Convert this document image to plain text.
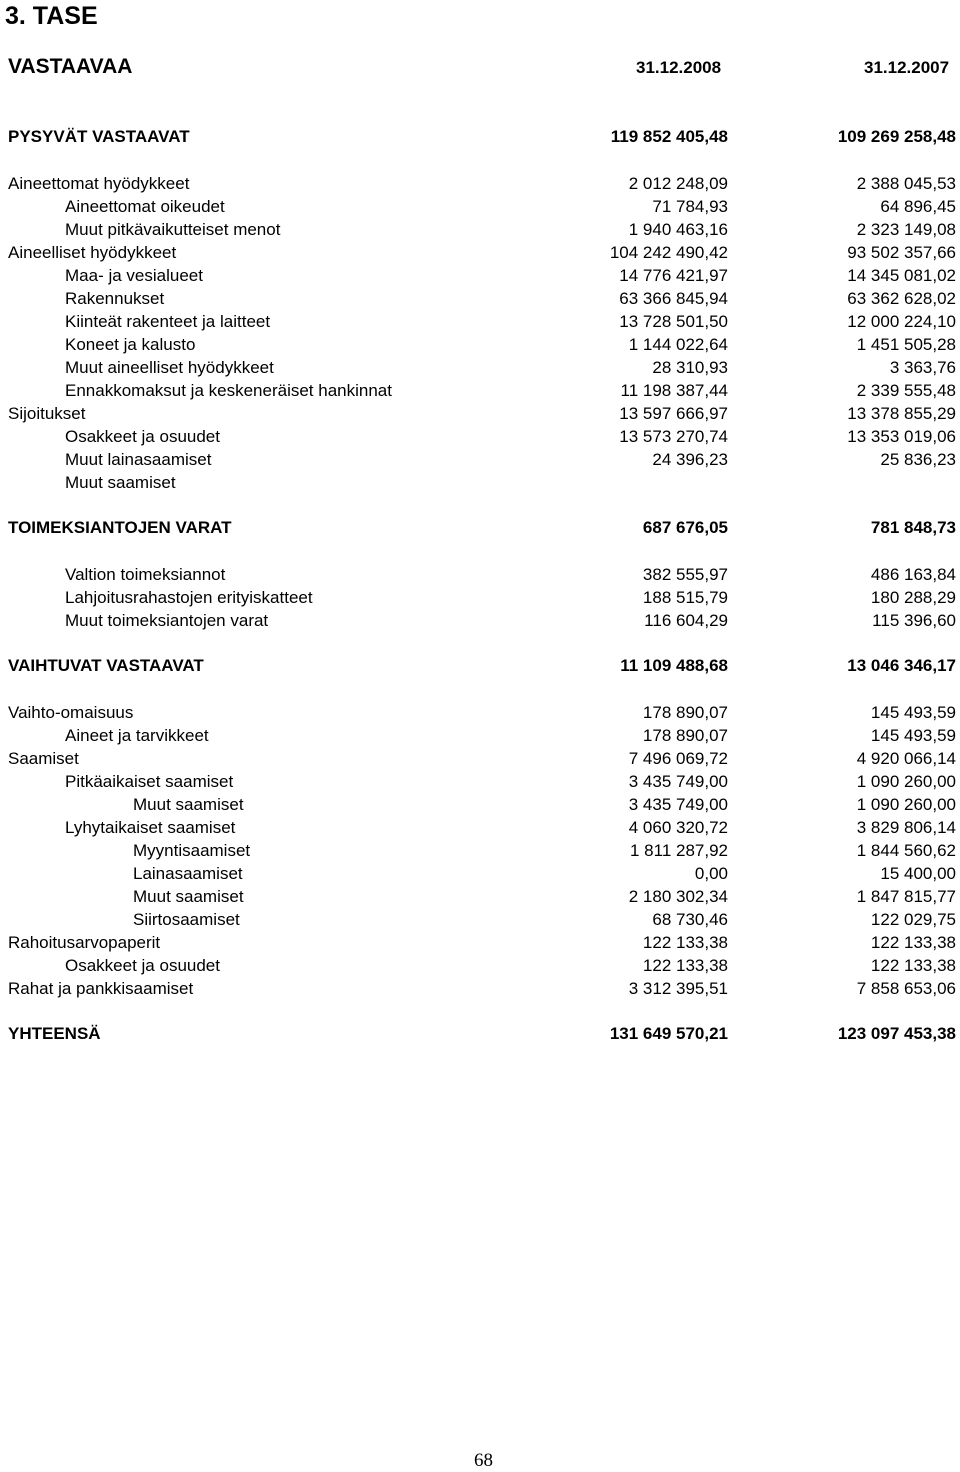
3. TASE
VASTAAVAA	31.12.2008	31.12.2007
PYSYVÄT VASTAAVAT	119 852 405,48	109 269 258,48
Aineettomat hyödykkeet	2 012 248,09	2 388 045,53
Aineettomat oikeudet	71 784,93	64 896,45
Muut pitkävaikutteiset menot	1 940 463,16	2 323 149,08
Aineelliset hyödykkeet	104 242 490,42	93 502 357,66
Maa- ja vesialueet	14 776 421,97	14 345 081,02
Rakennukset	63 366 845,94	63 362 628,02
Kiinteät rakenteet ja laitteet	13 728 501,50	12 000 224,10
Koneet ja kalusto	1 144 022,64	1 451 505,28
Muut aineelliset hyödykkeet	28 310,93	3 363,76
Ennakkomaksut ja keskeneräiset hankinnat	11 198 387,44	2 339 555,48
Sijoitukset	13 597 666,97	13 378 855,29
Osakkeet ja osuudet	13 573 270,74	13 353 019,06
Muut lainasaamiset	24 396,23	25 836,23
Muut saamiset
TOIMEKSIANTOJEN VARAT	687 676,05	781 848,73
Valtion toimeksiannot	382 555,97	486 163,84
Lahjoitusrahastojen erityiskatteet	188 515,79	180 288,29
Muut toimeksiantojen varat	116 604,29	115 396,60
VAIHTUVAT VASTAAVAT	11 109 488,68	13 046 346,17
Vaihto-omaisuus	178 890,07	145 493,59
Aineet ja tarvikkeet	178 890,07	145 493,59
Saamiset	7 496 069,72	4 920 066,14
Pitkäaikaiset saamiset	3 435 749,00	1 090 260,00
Muut saamiset	3 435 749,00	1 090 260,00
Lyhytaikaiset saamiset	4 060 320,72	3 829 806,14
Myyntisaamiset	1 811 287,92	1 844 560,62
Lainasaamiset	0,00	15 400,00
Muut saamiset	2 180 302,34	1 847 815,77
Siirtosaamiset	68 730,46	122 029,75
Rahoitusarvopaperit	122 133,38	122 133,38
Osakkeet ja osuudet	122 133,38	122 133,38
Rahat ja pankkisaamiset	3 312 395,51	7 858 653,06
YHTEENSÄ	131 649 570,21	123 097 453,38
68
